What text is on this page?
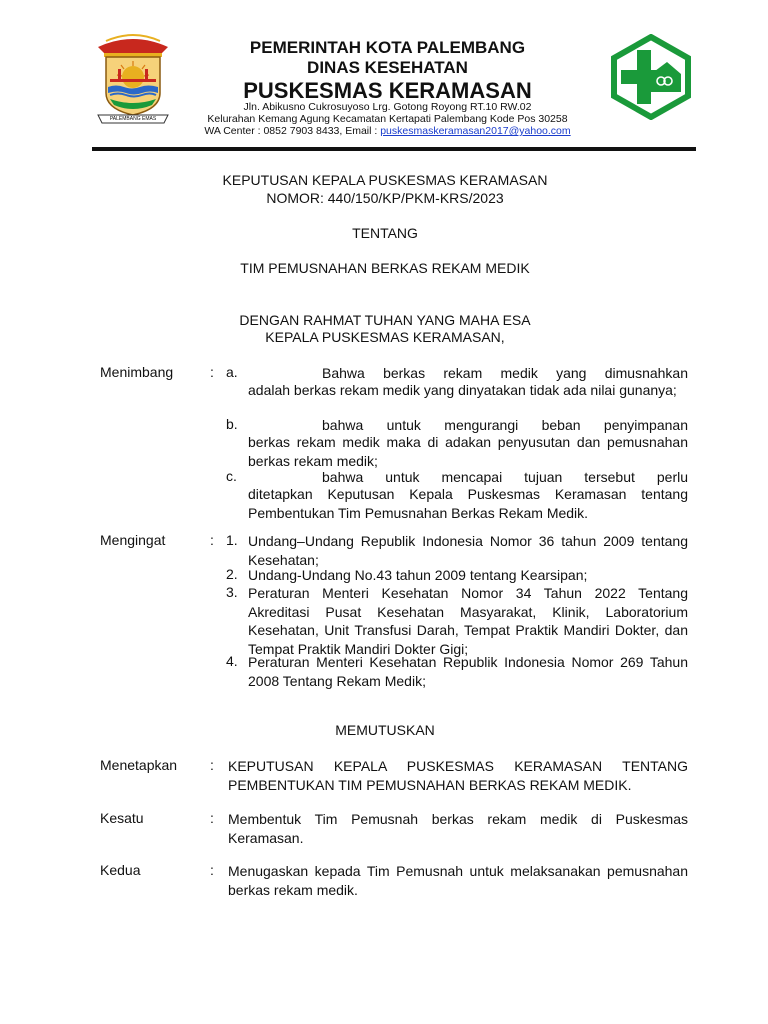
PALEMBANG EMAS
PEMERINTAH KOTA PALEMBANG
DINAS KESEHATAN
PUSKESMAS KERAMASAN
Jln. Abikusno Cukrosuyoso Lrg. Gotong Royong RT.10 RW.02
Kelurahan Kemang Agung Kecamatan Kertapati Palembang Kode Pos 30258
WA Center : 0852 7903 8433, Email : puskesmaskeramasan2017@yahoo.com
KEPUTUSAN KEPALA PUSKESMAS KERAMASAN
NOMOR: 440/150/KP/PKM-KRS/2023
TENTANG
TIM PEMUSNAHAN BERKAS REKAM MEDIK
DENGAN RAHMAT TUHAN YANG MAHA ESA
KEPALA PUSKESMAS KERAMASAN,
Menimbang	: a.	Bahwa berkas rekam medik yang dimusnahkan
adalah berkas rekam medik yang dinyatakan tidak ada nilai gunanya;
b.	bahwa untuk mengurangi beban penyimpanan
berkas rekam medik maka di adakan penyusutan dan pemusnahan berkas rekam medik;
c.	bahwa untuk mencapai tujuan tersebut perlu
ditetapkan Keputusan Kepala Puskesmas Keramasan tentang Pembentukan Tim Pemusnahan Berkas Rekam Medik.
Mengingat	: 1. Undang–Undang Republik Indonesia Nomor 36 tahun 2009 tentang Kesehatan;
2. Undang-Undang No.43 tahun 2009 tentang Kearsipan;
3. Peraturan Menteri Kesehatan Nomor 34 Tahun 2022 Tentang Akreditasi Pusat Kesehatan Masyarakat, Klinik, Laboratorium Kesehatan, Unit Transfusi Darah, Tempat Praktik Mandiri Dokter, dan Tempat Praktik Mandiri Dokter Gigi;
4. Peraturan Menteri Kesehatan Republik Indonesia Nomor 269 Tahun 2008 Tentang Rekam Medik;
MEMUTUSKAN
Menetapkan : KEPUTUSAN KEPALA PUSKESMAS KERAMASAN TENTANG PEMBENTUKAN TIM PEMUSNAHAN BERKAS REKAM MEDIK.
Kesatu	: Membentuk Tim Pemusnah berkas rekam medik di Puskesmas Keramasan.
Kedua	: Menugaskan kepada Tim Pemusnah untuk melaksanakan pemusnahan berkas rekam medik.
